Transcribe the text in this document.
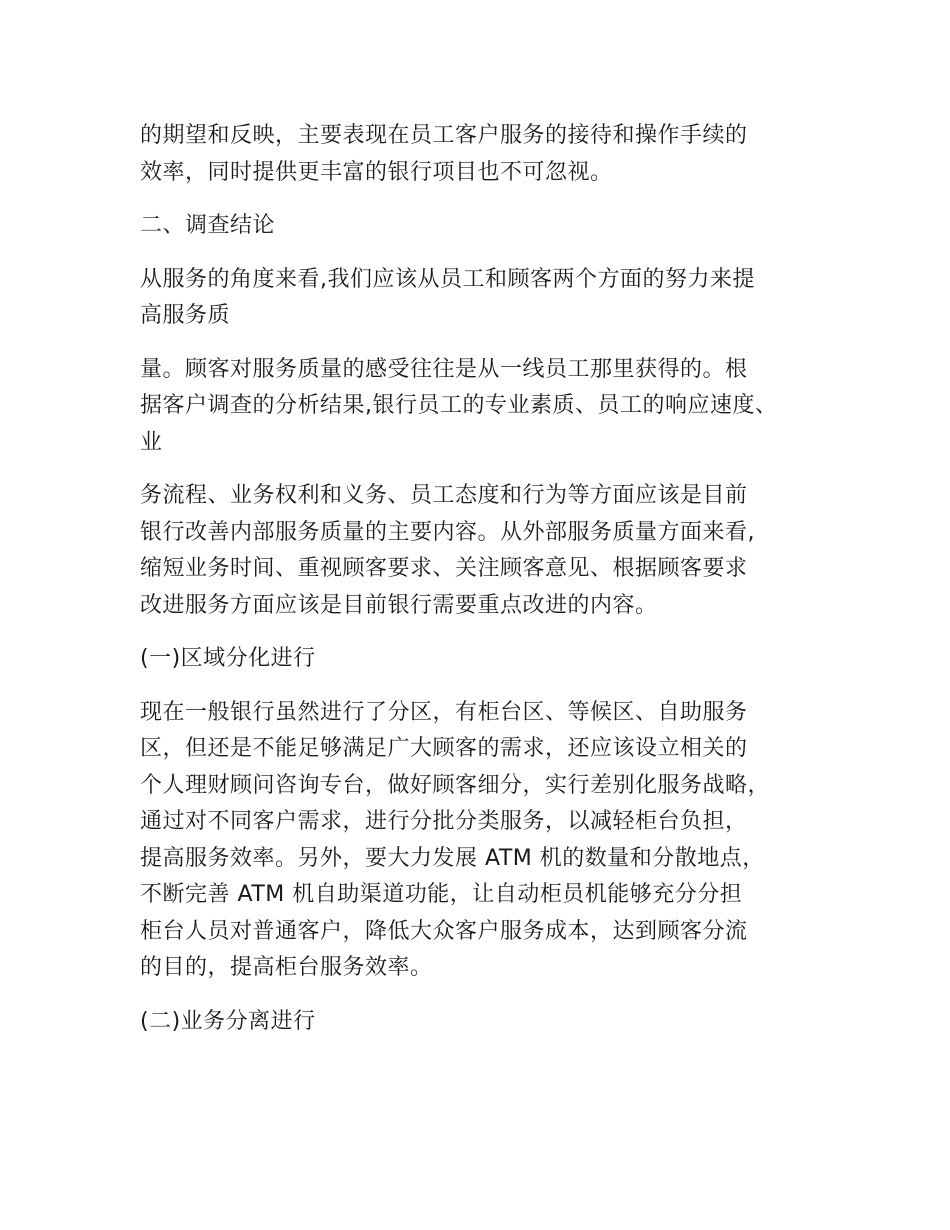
的期望和反映，主要表现在员工客户服务的接待和操作手续的
效率，同时提供更丰富的银行项目也不可忽视。

二、调查结论

从服务的角度来看,我们应该从员工和顾客两个方面的努力来提
高服务质

量。顾客对服务质量的感受往往是从一线员工那里获得的。根
据客户调查的分析结果,银行员工的专业素质、员工的响应速度、
业

务流程、业务权利和义务、员工态度和行为等方面应该是目前
银行改善内部服务质量的主要内容。从外部服务质量方面来看,
缩短业务时间、重视顾客要求、关注顾客意见、根据顾客要求
改进服务方面应该是目前银行需要重点改进的内容。

(一)区域分化进行

现在一般银行虽然进行了分区，有柜台区、等候区、自助服务
区，但还是不能足够满足广大顾客的需求，还应该设立相关的
个人理财顾问咨询专台，做好顾客细分，实行差别化服务战略，
通过对不同客户需求，进行分批分类服务，以减轻柜台负担，
提高服务效率。另外，要大力发展 ATM 机的数量和分散地点，
不断完善 ATM 机自助渠道功能，让自动柜员机能够充分分担
柜台人员对普通客户，降低大众客户服务成本，达到顾客分流
的目的，提高柜台服务效率。

(二)业务分离进行
